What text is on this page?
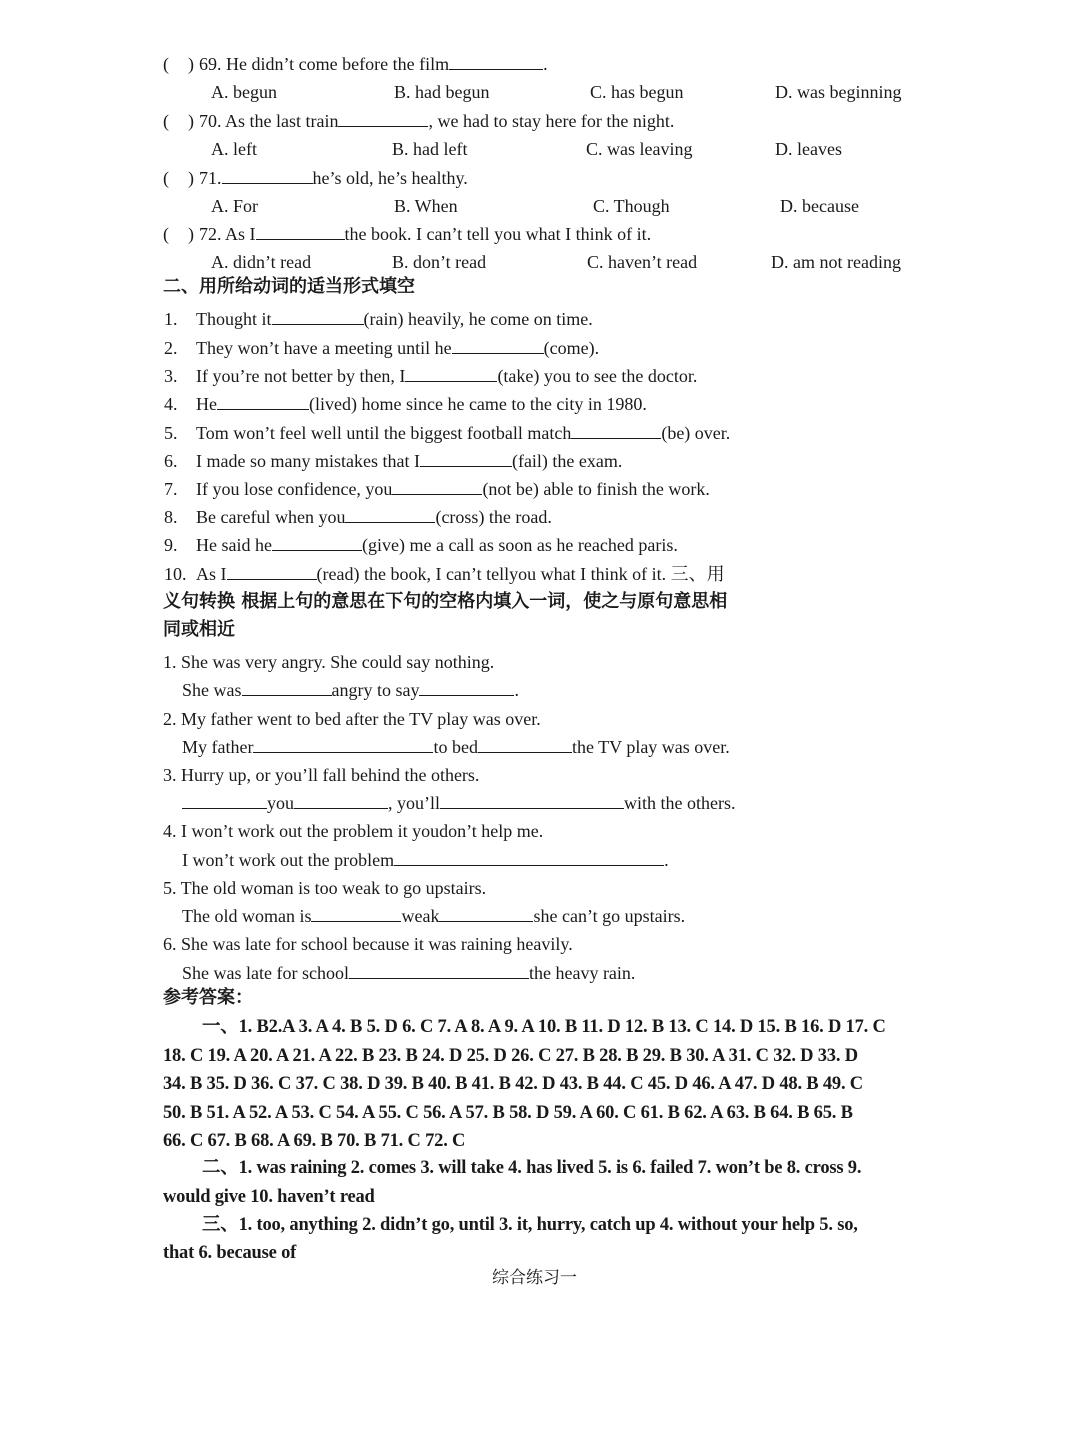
( ) 69. He didn’t come before the film	.
A. begun	B. had begun	C. has begun	D. was beginning
( ) 70. As the last train	, we had to stay here for the night.
A. left	B. had left	C. was leaving	D. leaves
( ) 71.	he’s old, he’s healthy.
A. For	B. When	C. Though	D. because
( ) 72. As I	the book. I can’t tell you what I think of it.
A. didn’t read	B. don’t read	C. haven’t read	D. am not reading
二、用所给动词的适当形式填空
1. Thought it	(rain) heavily, he come on time.
2. They won’t have a meeting until he	(come).
3. If you’re not better by then, I	(take) you to see the doctor.
4. He	(lived) home since he came to the city in 1980.
5. Tom won’t feel well until the biggest football match	(be) over.
6. I made so many mistakes that I	(fail) the exam.
7. If you lose confidence, you	(not be) able to finish the work.
8. Be careful when you	(cross) the road.
9. He said he	(give) me a call as soon as he reached paris.
10. As I	(read) the book, I can’t tellyou what I think of it. 三、用
义句转换 根据上句的意思在下句的空格内填入一词，使之与原句意思相
同或相近
1. She was very angry. She could say nothing.
She was	angry to say	.
2. My father went to bed after the TV play was over.
My father	to bed	the TV play was over.
3. Hurry up, or you’ll fall behind the others.
you	, you’ll	with the others.
4. I won’t work out the problem it youdon’t help me.
I won’t work out the problem	.
5. The old woman is too weak to go upstairs.
The old woman is	weak	she can’t go upstairs.
6. She was late for school because it was raining heavily.
She was late for school	the heavy rain.
参考答案：
一、1. B2.A 3. A 4. B 5. D 6. C 7. A 8. A 9. A 10. B 11. D 12. B 13. C 14. D 15. B 16. D 17. C
18. C 19. A 20. A 21. A 22. B 23. B 24. D 25. D 26. C 27. B 28. B 29. B 30. A 31. C 32. D 33. D
34. B 35. D 36. C 37. C 38. D 39. B 40. B 41. B 42. D 43. B 44. C 45. D 46. A 47. D 48. B 49. C
50. B 51. A 52. A 53. C 54. A 55. C 56. A 57. B 58. D 59. A 60. C 61. B 62. A 63. B 64. B 65. B
66. C 67. B 68. A 69. B 70. B 71. C 72. C
二、1. was raining 2. comes 3. will take 4. has lived 5. is 6. failed 7. won’t be 8. cross 9.
would give 10. haven’t read
三、1. too, anything 2. didn’t go, until 3. it, hurry, catch up 4. without your help 5. so,
that 6. because of
综合练习一
